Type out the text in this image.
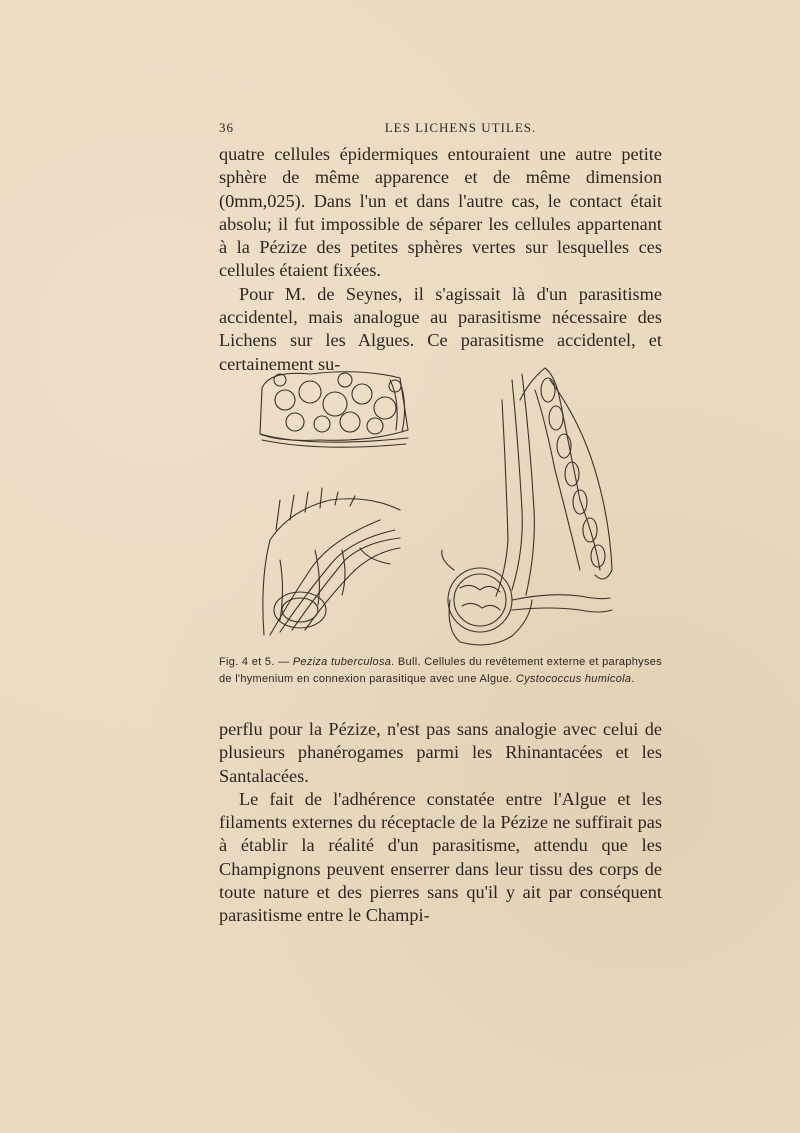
36	LES LICHENS UTILES.

quatre cellules épidermiques entouraient une autre petite sphère de même apparence et de même dimension (0mm,025). Dans l'un et dans l'autre cas, le contact était absolu; il fut impossible de séparer les cellules appartenant à la Pézize des petites sphères vertes sur lesquelles ces cellules étaient fixées.

Pour M. de Seynes, il s'agissait là d'un parasitisme accidentel, mais analogue au parasitisme nécessaire des Lichens sur les Algues. Ce parasitisme accidentel, et certainement su-

Fig. 4 et 5. — Peziza tuberculosa. Bull. Cellules du revêtement externe et paraphyses de l'hymenium en connexion parasitique avec une Algue. Cystococcus humicola.

perflu pour la Pézize, n'est pas sans analogie avec celui de plusieurs phanérogames parmi les Rhinantacées et les Santalacées.

Le fait de l'adhérence constatée entre l'Algue et les filaments externes du réceptacle de la Pézize ne suffirait pas à établir la réalité d'un parasitisme, attendu que les Champignons peuvent enserrer dans leur tissu des corps de toute nature et des pierres sans qu'il y ait par conséquent parasitisme entre le Champi-
